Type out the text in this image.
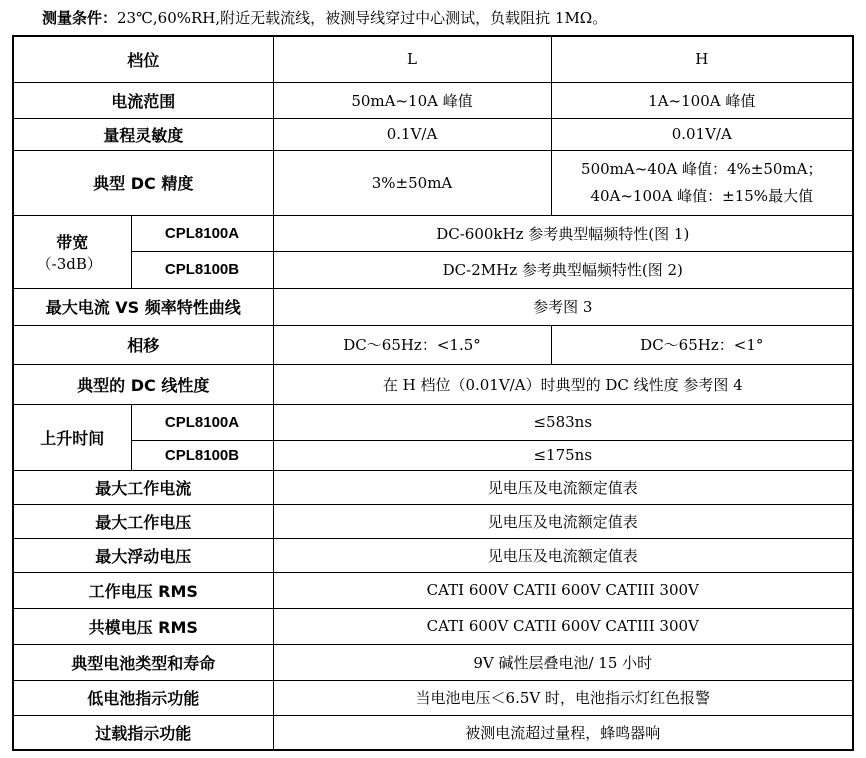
测量条件：23℃,60%RH,附近无载流线，被测导线穿过中心测试，负载阻抗 1MΩ。
档位		L	H
电流范围		50mA~10A 峰值	1A~100A 峰值
量程灵敏度		0.1V/A	0.01V/A
典型 DC 精度		3%±50mA	500mA~40A 峰值：4%±50mA；
40A~100A 峰值：±15%最大值

带宽
（-3dB）	CPL8100A	DC-600kHz 参考典型幅频特性(图 1)	
	CPL8100B	DC-2MHz 参考典型幅频特性(图 2)	
最大电流 VS 频率特性曲线		参考图 3	
相移		DC～65Hz：<1.5°	DC～65Hz：<1°
典型的 DC 线性度		在 H 档位（0.01V/A）时典型的 DC 线性度 参考图 4	
上升时间	CPL8100A	≤583ns	
	CPL8100B	≤175ns	
最大工作电流		见电压及电流额定值表	
最大工作电压		见电压及电流额定值表	
最大浮动电压		见电压及电流额定值表	
工作电压 RMS		CATI 600V CATII 600V CATIII 300V	
共模电压 RMS		CATI 600V CATII 600V CATIII 300V	
典型电池类型和寿命		9V 碱性层叠电池/ 15 小时	
低电池指示功能		当电池电压＜6.5V 时，电池指示灯红色报警	
过载指示功能		被测电流超过量程，蜂鸣器响	
